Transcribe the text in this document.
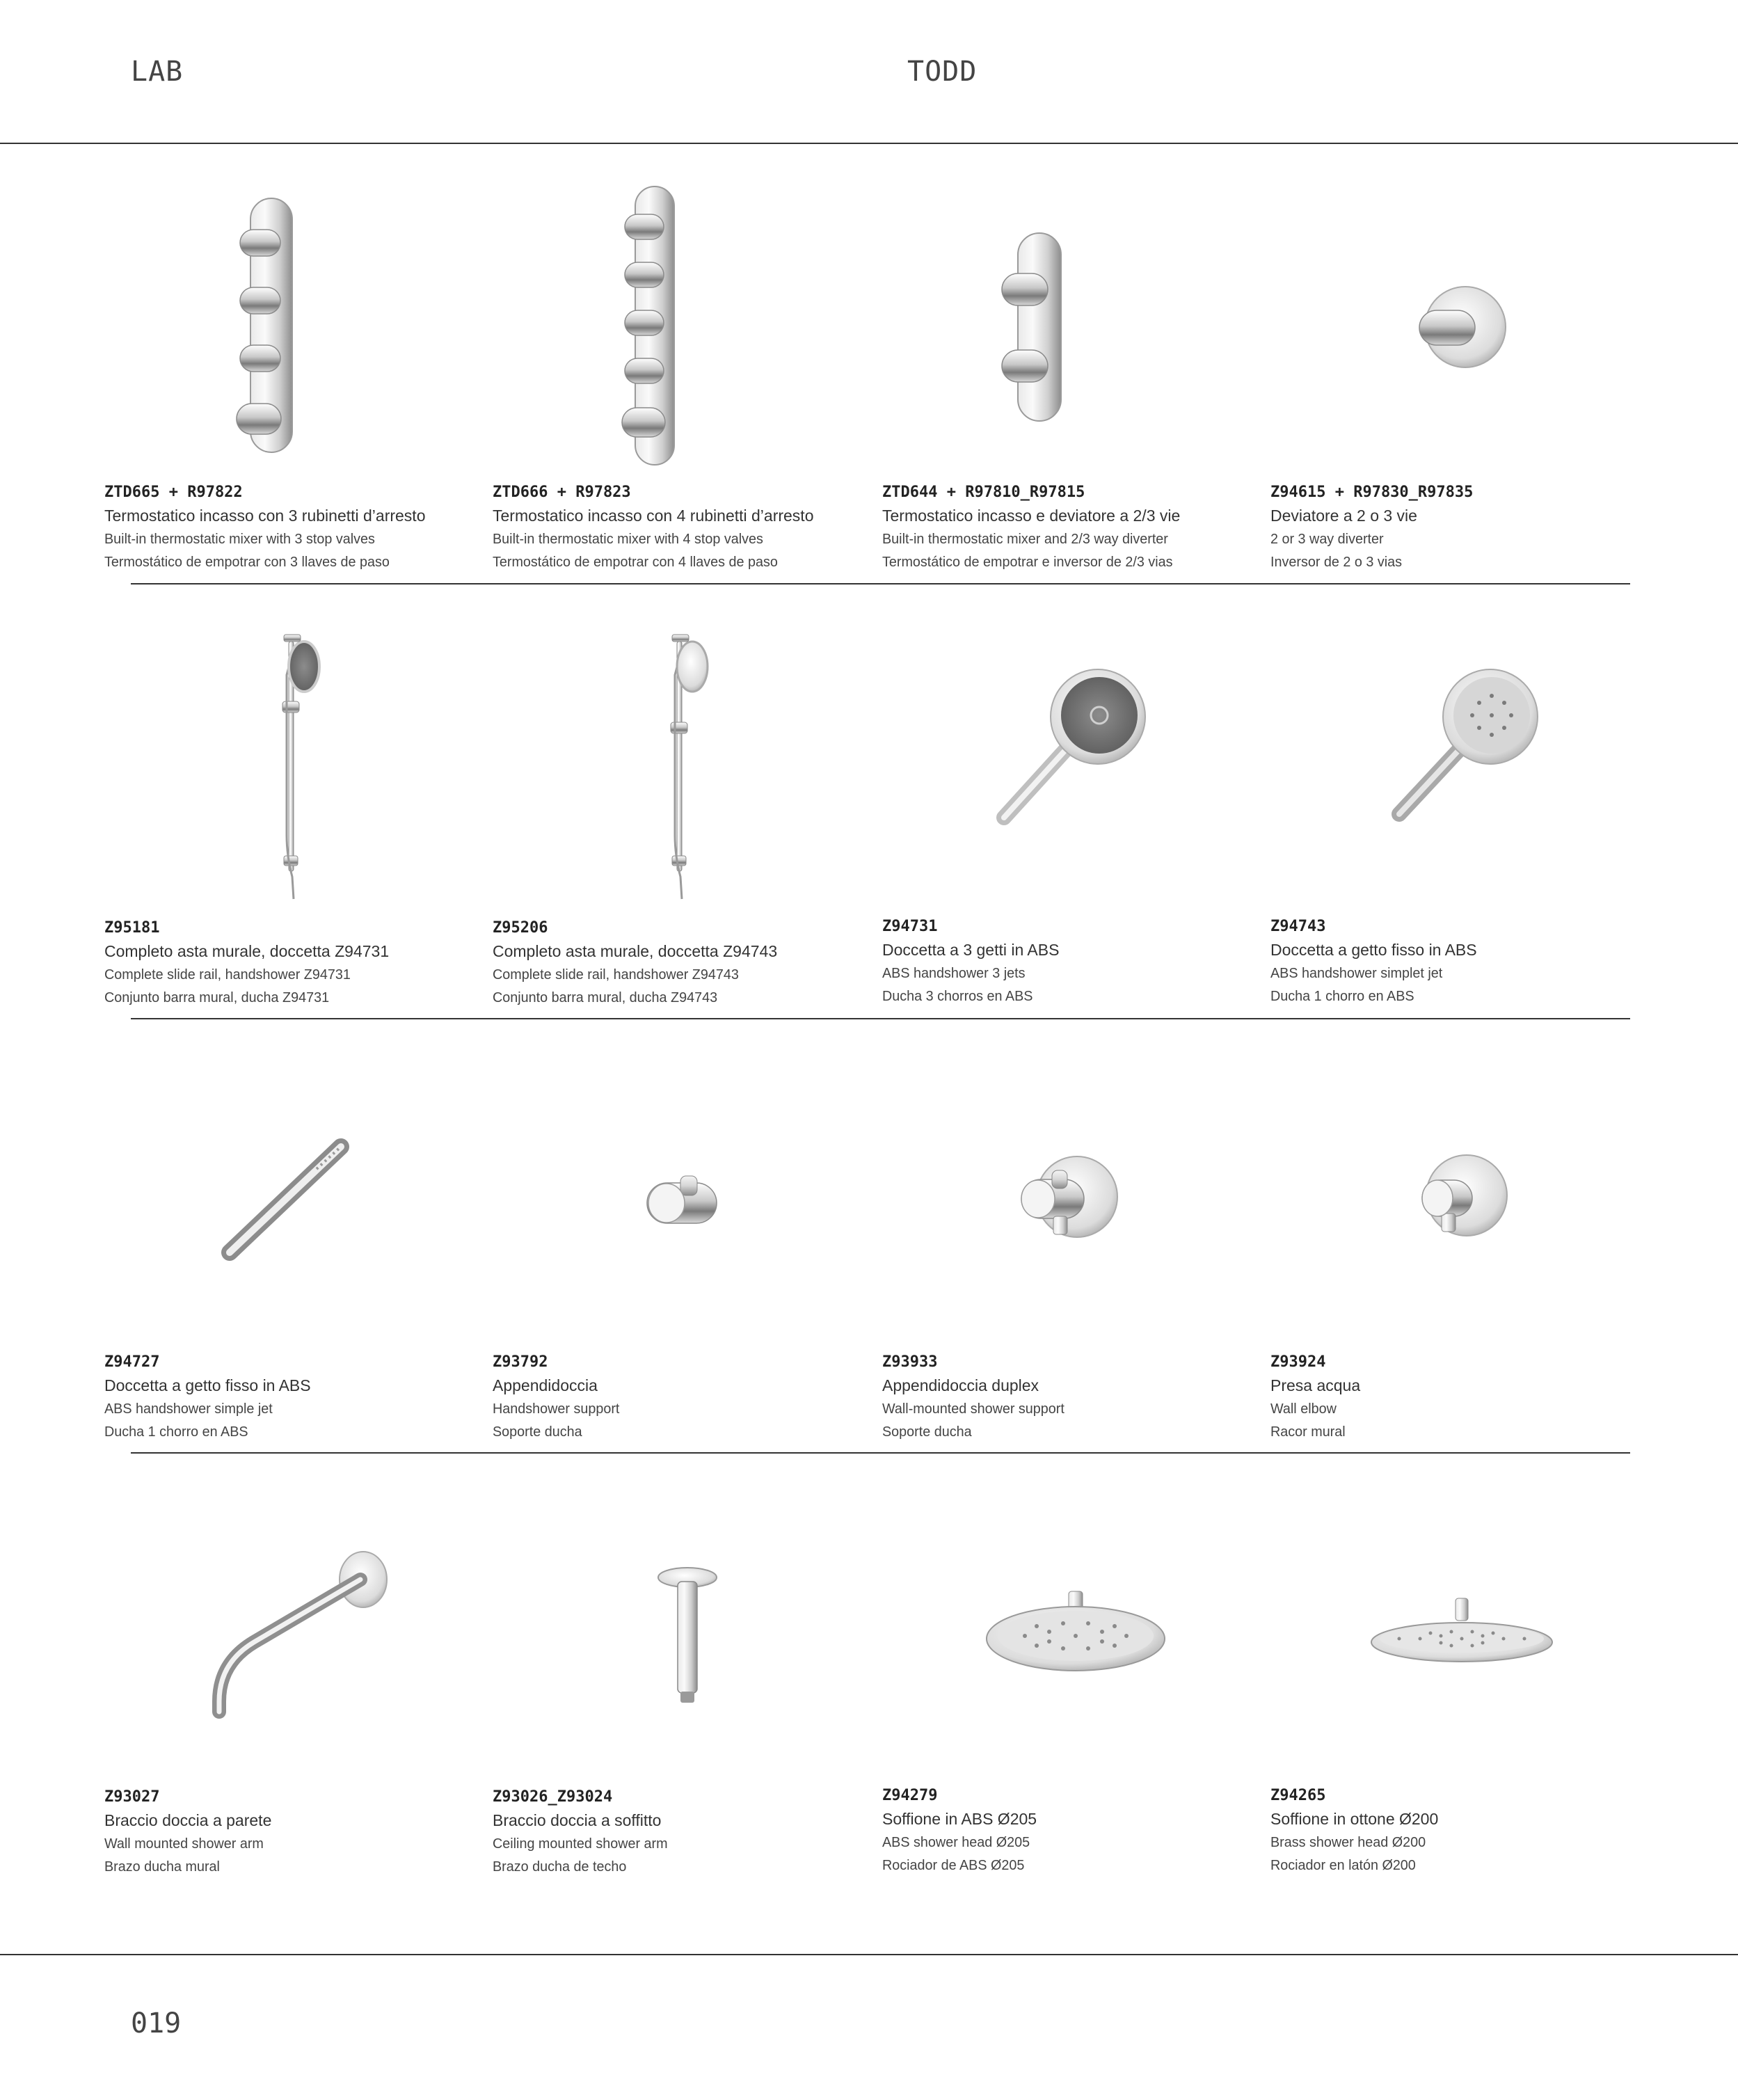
LAB	TODD
ZTD665 + R97822
Termostatico incasso con 3 rubinetti d’arresto
Built-in thermostatic mixer with 3 stop valves
Termostático de empotrar con 3 llaves de paso
ZTD666 + R97823
Termostatico incasso con 4 rubinetti d’arresto
Built-in thermostatic mixer with 4 stop valves
Termostático de empotrar con 4 llaves de paso
ZTD644 + R97810_R97815
Termostatico incasso e deviatore a 2/3 vie
Built-in thermostatic mixer and 2/3 way diverter
Termostático de empotrar e inversor de 2/3 vias
Z94615 + R97830_R97835
Deviatore a 2 o 3 vie
2 or 3 way diverter
Inversor de 2 o 3 vias
Z95181
Completo asta murale, doccetta Z94731
Complete slide rail, handshower Z94731
Conjunto barra mural, ducha Z94731
Z95206
Completo asta murale, doccetta Z94743
Complete slide rail, handshower Z94743
Conjunto barra mural, ducha Z94743
Z94731
Doccetta a 3 getti in ABS
ABS handshower 3 jets
Ducha 3 chorros en ABS
Z94743
Doccetta a getto fisso in ABS
ABS handshower simplet jet
Ducha 1 chorro en ABS
Z94727
Doccetta a getto fisso in ABS
ABS handshower simple jet
Ducha 1 chorro en ABS
Z93792
Appendidoccia
Handshower support
Soporte ducha
Z93933
Appendidoccia duplex
Wall-mounted shower support
Soporte ducha
Z93924
Presa acqua
Wall elbow
Racor mural
Z93027
Braccio doccia a parete
Wall mounted shower arm
Brazo ducha mural
Z93026_Z93024
Braccio doccia a soffitto
Ceiling mounted shower arm
Brazo ducha de techo
Z94279
Soffione in ABS Ø205
ABS shower head Ø205
Rociador de ABS Ø205
Z94265
Soffione in ottone Ø200
Brass shower head Ø200
Rociador en latón Ø200
019
